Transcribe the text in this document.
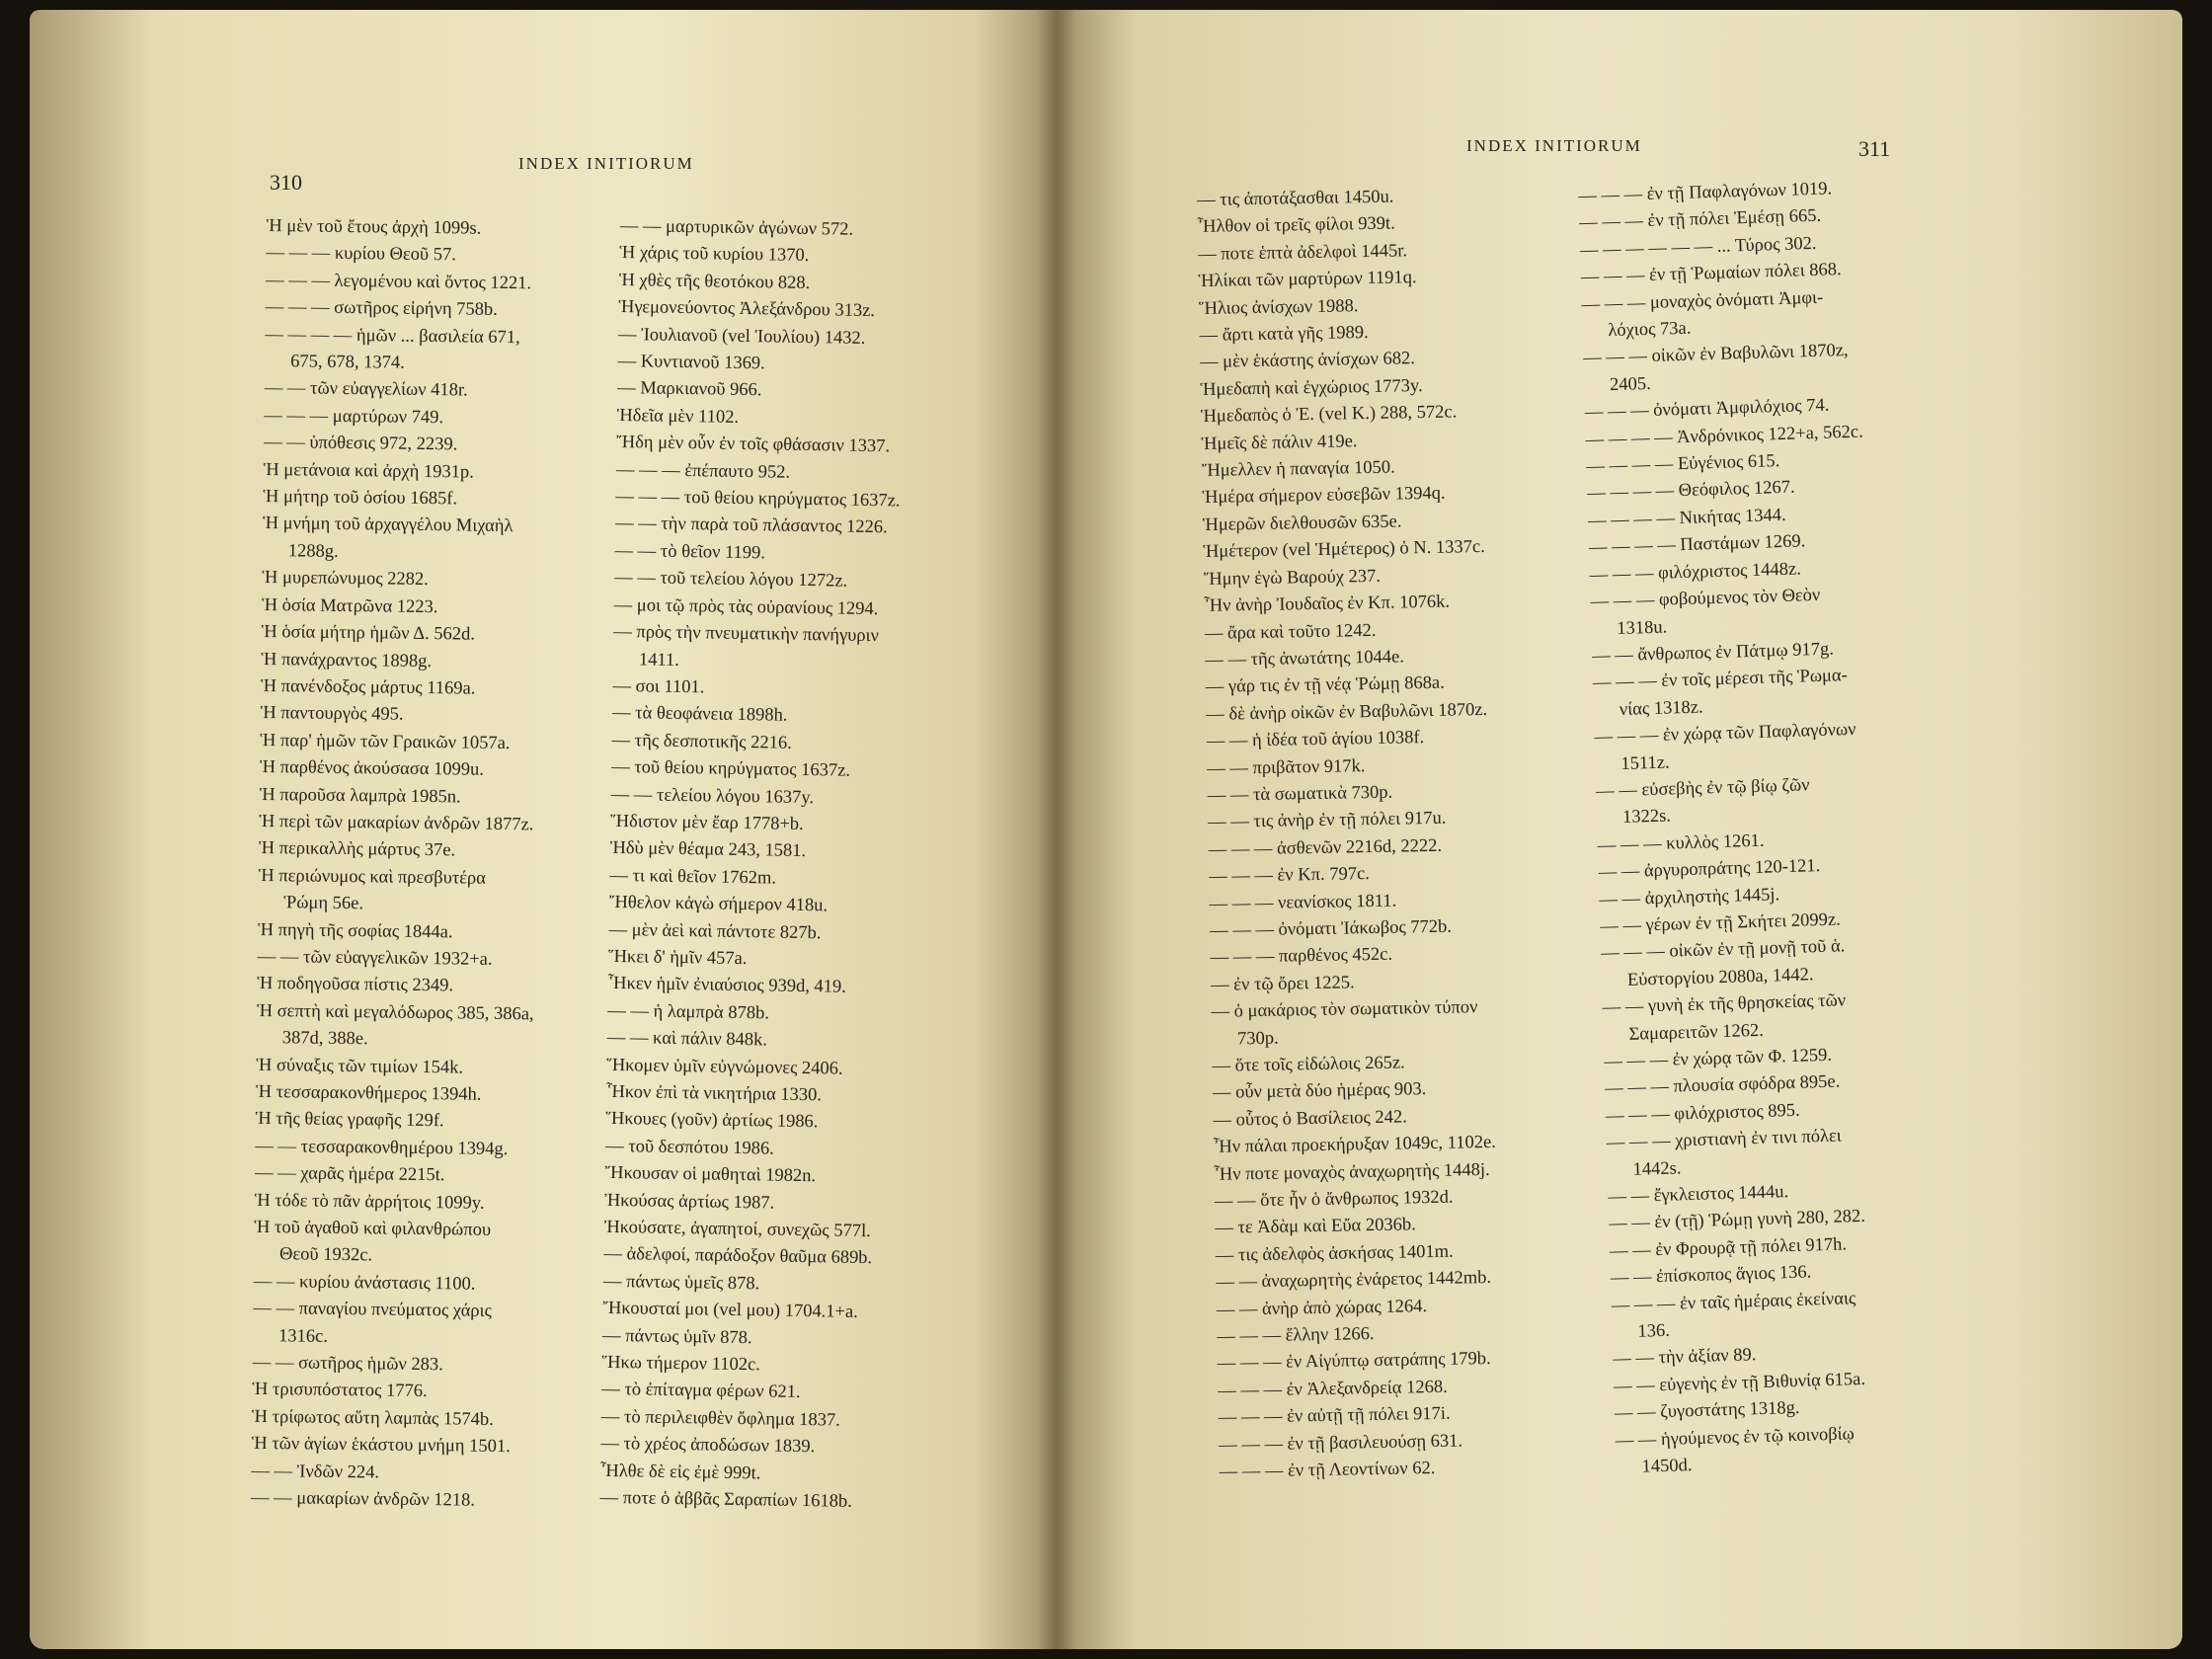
310
INDEX INITIORUM
Ἡ μὲν τοῦ ἔτους ἀρχὴ 1099s.
— — — κυρίου Θεοῦ 57.
— — — λεγομένου καὶ ὄντος 1221.
— — — σωτῆρος εἰρήνη 758b.
— — — — ἡμῶν ... βασιλεία 671,
675, 678, 1374.
— — τῶν εὐαγγελίων 418r.
— — — μαρτύρων 749.
— — ὑπόθεσις 972, 2239.
Ἡ μετάνοια καὶ ἀρχὴ 1931p.
Ἡ μήτηρ τοῦ ὁσίου 1685f.
Ἡ μνήμη τοῦ ἀρχαγγέλου Μιχαὴλ
1288g.
Ἡ μυρεπώνυμος 2282.
Ἡ ὁσία Ματρῶνα 1223.
Ἡ ὁσία μήτηρ ἡμῶν Δ. 562d.
Ἡ πανάχραντος 1898g.
Ἡ πανένδοξος μάρτυς 1169a.
Ἡ παντουργὸς 495.
Ἡ παρ' ἡμῶν τῶν Γραικῶν 1057a.
Ἡ παρθένος ἀκούσασα 1099u.
Ἡ παροῦσα λαμπρὰ 1985n.
Ἡ περὶ τῶν μακαρίων ἀνδρῶν 1877z.
Ἡ περικαλλὴς μάρτυς 37e.
Ἡ περιώνυμος καὶ πρεσβυτέρα
Ῥώμη 56e.
Ἡ πηγὴ τῆς σοφίας 1844a.
— — τῶν εὐαγγελικῶν 1932+a.
Ἡ ποδηγοῦσα πίστις 2349.
Ἡ σεπτὴ καὶ μεγαλόδωρος 385, 386a,
387d, 388e.
Ἡ σύναξις τῶν τιμίων 154k.
Ἡ τεσσαρακονθήμερος 1394h.
Ἡ τῆς θείας γραφῆς 129f.
— — τεσσαρακονθημέρου 1394g.
— — χαρᾶς ἡμέρα 2215t.
Ἡ τόδε τὸ πᾶν ἀρρήτοις 1099y.
Ἡ τοῦ ἀγαθοῦ καὶ φιλανθρώπου
Θεοῦ 1932c.
— — κυρίου ἀνάστασις 1100.
— — παναγίου πνεύματος χάρις
1316c.
— — σωτῆρος ἡμῶν 283.
Ἡ τρισυπόστατος 1776.
Ἡ τρίφωτος αὕτη λαμπὰς 1574b.
Ἡ τῶν ἁγίων ἑκάστου μνήμη 1501.
— — Ἰνδῶν 224.
— — μακαρίων ἀνδρῶν 1218.
— — μαρτυρικῶν ἀγώνων 572.
Ἡ χάρις τοῦ κυρίου 1370.
Ἡ χθὲς τῆς θεοτόκου 828.
Ἡγεμονεύοντος Ἀλεξάνδρου 313z.
— Ἰουλιανοῦ (vel Ἰουλίου) 1432.
— Κυντιανοῦ 1369.
— Μαρκιανοῦ 966.
Ἡδεῖα μὲν 1102.
Ἤδη μὲν οὖν ἐν τοῖς φθάσασιν 1337.
— — — ἐπέπαυτο 952.
— — — τοῦ θείου κηρύγματος 1637z.
— — τὴν παρὰ τοῦ πλάσαντος 1226.
— — τὸ θεῖον 1199.
— — τοῦ τελείου λόγου 1272z.
— μοι τῷ πρὸς τὰς οὐρανίους 1294.
— πρὸς τὴν πνευματικὴν πανήγυριν
1411.
— σοι 1101.
— τὰ θεοφάνεια 1898h.
— τῆς δεσποτικῆς 2216.
— τοῦ θείου κηρύγματος 1637z.
— — τελείου λόγου 1637y.
Ἥδιστον μὲν ἔαρ 1778+b.
Ἡδὺ μὲν θέαμα 243, 1581.
— τι καὶ θεῖον 1762m.
Ἤθελον κἀγὼ σήμερον 418u.
— μὲν ἀεὶ καὶ πάντοτε 827b.
Ἥκει δ' ἡμῖν 457a.
Ἧκεν ἡμῖν ἐνιαύσιος 939d, 419.
— — ἡ λαμπρὰ 878b.
— — καὶ πάλιν 848k.
Ἥκομεν ὑμῖν εὐγνώμονες 2406.
Ἧκον ἐπὶ τὰ νικητήρια 1330.
Ἥκουες (γοῦν) ἀρτίως 1986.
— τοῦ δεσπότου 1986.
Ἤκουσαν οἱ μαθηταὶ 1982n.
Ἠκούσας ἀρτίως 1987.
Ἠκούσατε, ἀγαπητοί, συνεχῶς 577l.
— ἀδελφοί, παράδοξον θαῦμα 689b.
— πάντως ὑμεῖς 878.
Ἤκουσταί μοι (vel μου) 1704.1+a.
— πάντως ὑμῖν 878.
Ἥκω τήμερον 1102c.
— τὸ ἐπίταγμα φέρων 621.
— τὸ περιλειφθὲν ὄφλημα 1837.
— τὸ χρέος ἀποδώσων 1839.
Ἦλθε δὲ εἰς ἐμὲ 999t.
— ποτε ὁ ἀββᾶς Σαραπίων 1618b.
INDEX INITIORUM	311
— τις ἀποτάξασθαι 1450u.
Ἦλθον οἱ τρεῖς φίλοι 939t.
— ποτε ἑπτὰ ἀδελφοὶ 1445r.
Ἡλίκαι τῶν μαρτύρων 1191q.
Ἥλιος ἀνίσχων 1988.
— ἄρτι κατὰ γῆς 1989.
— μὲν ἑκάστης ἀνίσχων 682.
Ἡμεδαπὴ καὶ ἐγχώριος 1773y.
Ἡμεδαπὸς ὁ Ἐ. (vel Κ.) 288, 572c.
Ἡμεῖς δὲ πάλιν 419e.
Ἤμελλεν ἡ παναγία 1050.
Ἡμέρα σήμερον εὐσεβῶν 1394q.
Ἡμερῶν διελθουσῶν 635e.
Ἡμέτερον (vel Ἡμέτερος) ὁ Ν. 1337c.
Ἤμην ἐγὼ Βαρούχ 237.
Ἦν ἀνὴρ Ἰουδαῖος ἐν Κπ. 1076k.
— ἄρα καὶ τοῦτο 1242.
— — τῆς ἀνωτάτης 1044e.
— γάρ τις ἐν τῇ νέᾳ Ῥώμῃ 868a.
— δὲ ἀνὴρ οἰκῶν ἐν Βαβυλῶνι 1870z.
— — ἡ ἰδέα τοῦ ἁγίου 1038f.
— — πριβᾶτον 917k.
— — τὰ σωματικὰ 730p.
— — τις ἀνὴρ ἐν τῇ πόλει 917u.
— — — ἀσθενῶν 2216d, 2222.
— — — ἐν Κπ. 797c.
— — — νεανίσκος 1811.
— — — ὀνόματι Ἰάκωβος 772b.
— — — παρθένος 452c.
— ἐν τῷ ὄρει 1225.
— ὁ μακάριος τὸν σωματικὸν τύπον
730p.
— ὅτε τοῖς εἰδώλοις 265z.
— οὖν μετὰ δύο ἡμέρας 903.
— οὗτος ὁ Βασίλειος 242.
Ἦν πάλαι προεκήρυξαν 1049c, 1102e.
Ἦν ποτε μοναχὸς ἀναχωρητὴς 1448j.
— — ὅτε ἦν ὁ ἄνθρωπος 1932d.
— τε Ἀδὰμ καὶ Εὔα 2036b.
— τις ἀδελφὸς ἀσκήσας 1401m.
— — ἀναχωρητὴς ἐνάρετος 1442mb.
— — ἀνὴρ ἀπὸ χώρας 1264.
— — — ἕλλην 1266.
— — — ἐν Αἰγύπτῳ σατράπης 179b.
— — — ἐν Ἀλεξανδρείᾳ 1268.
— — — ἐν αὐτῇ τῇ πόλει 917i.
— — — ἐν τῇ βασιλευούσῃ 631.
— — — ἐν τῇ Λεοντίνων 62.
— — — ἐν τῇ Παφλαγόνων 1019.
— — — ἐν τῇ πόλει Ἐμέσῃ 665.
— — — — — — ... Τύρος 302.
— — — ἐν τῇ Ῥωμαίων πόλει 868.
— — — μοναχὸς ὀνόματι Ἀμφι-
λόχιος 73a.
— — — οἰκῶν ἐν Βαβυλῶνι 1870z,
2405.
— — — ὀνόματι Ἀμφιλόχιος 74.
— — — — Ἀνδρόνικος 122+a, 562c.
— — — — Εὐγένιος 615.
— — — — Θεόφιλος 1267.
— — — — Νικήτας 1344.
— — — — Παστάμων 1269.
— — — φιλόχριστος 1448z.
— — — φοβούμενος τὸν Θεὸν
1318u.
— — ἄνθρωπος ἐν Πάτμῳ 917g.
— — — ἐν τοῖς μέρεσι τῆς Ῥωμα-
νίας 1318z.
— — — ἐν χώρᾳ τῶν Παφλαγόνων
1511z.
— — εὐσεβὴς ἐν τῷ βίῳ ζῶν
1322s.
— — — κυλλὸς 1261.
— — ἀργυροπράτης 120-121.
— — ἀρχιληστὴς 1445j.
— — γέρων ἐν τῇ Σκήτει 2099z.
— — — οἰκῶν ἐν τῇ μονῇ τοῦ ἁ.
Εὐστοργίου 2080a, 1442.
— — γυνὴ ἐκ τῆς θρησκείας τῶν
Σαμαρειτῶν 1262.
— — — ἐν χώρᾳ τῶν Φ. 1259.
— — — πλουσία σφόδρα 895e.
— — — φιλόχριστος 895.
— — — χριστιανὴ ἐν τινι πόλει
1442s.
— — ἔγκλειστος 1444u.
— — ἐν (τῇ) Ῥώμῃ γυνὴ 280, 282.
— — ἐν Φρουρᾷ τῇ πόλει 917h.
— — ἐπίσκοπος ἅγιος 136.
— — — ἐν ταῖς ἡμέραις ἐκείναις
136.
— — τὴν ἀξίαν 89.
— — εὐγενὴς ἐν τῇ Βιθυνίᾳ 615a.
— — ζυγοστάτης 1318g.
— — ἡγούμενος ἐν τῷ κοινοβίῳ
1450d.
